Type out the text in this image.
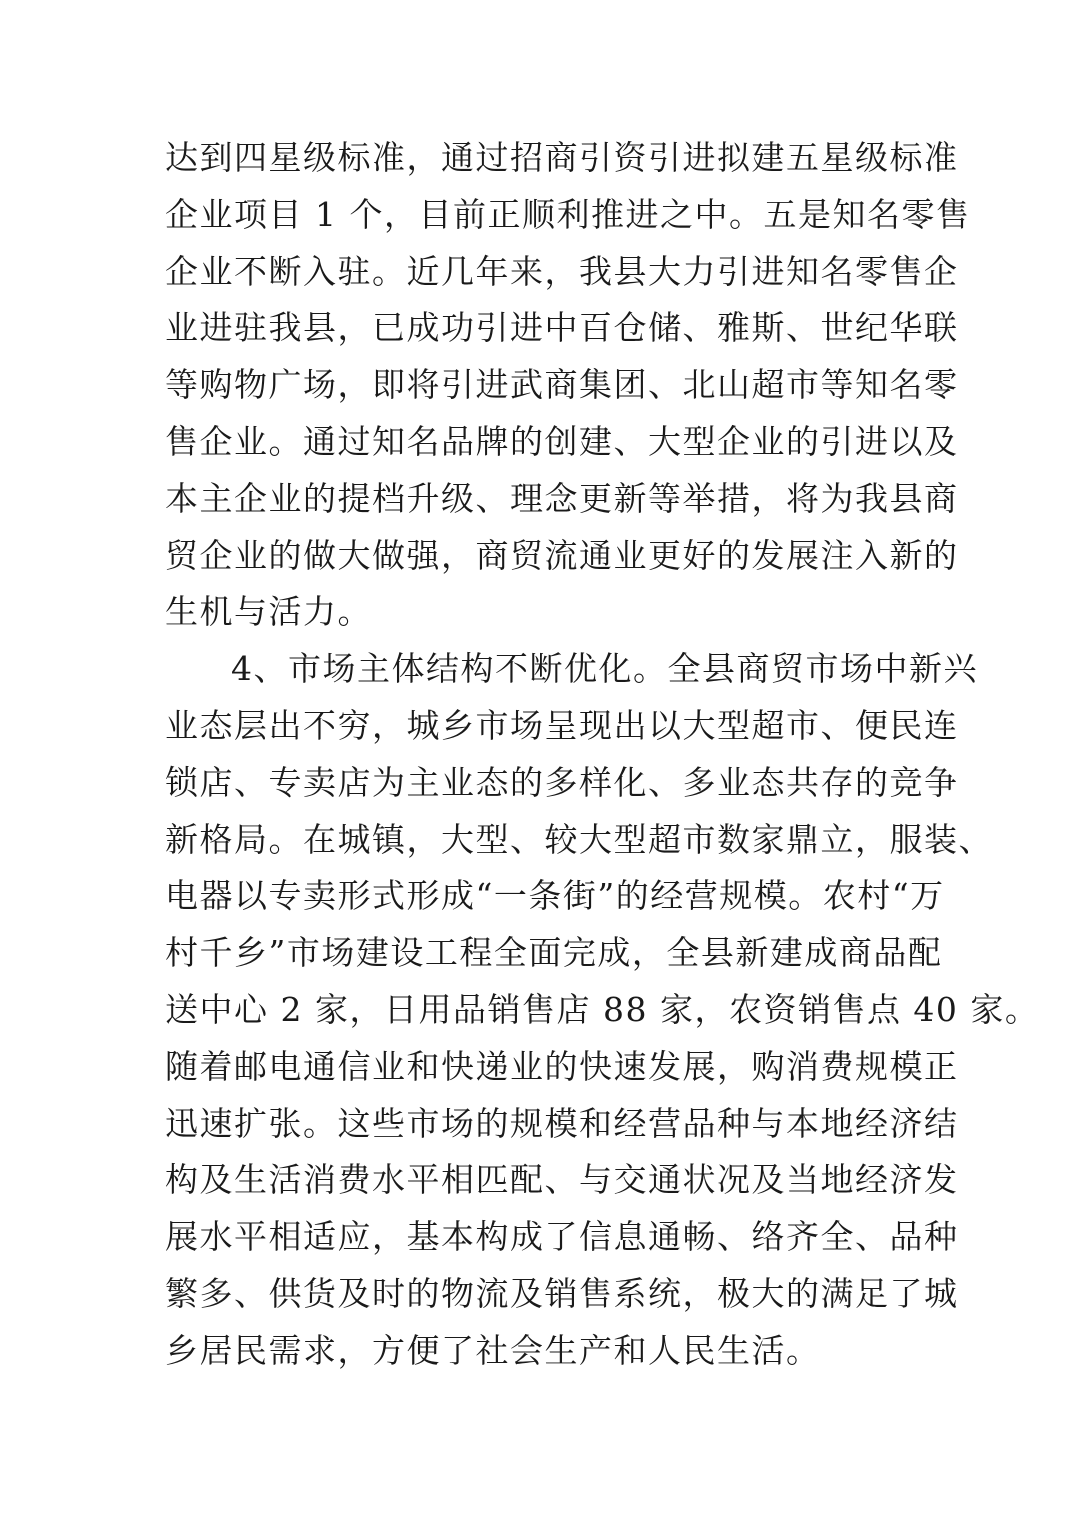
达到四星级标准，通过招商引资引进拟建五星级标准
企业项目 1 个，目前正顺利推进之中。五是知名零售
企业不断入驻。近几年来，我县大力引进知名零售企
业进驻我县，已成功引进中百仓储、雅斯、世纪华联
等购物广场，即将引进武商集团、北山超市等知名零
售企业。通过知名品牌的创建、大型企业的引进以及
本主企业的提档升级、理念更新等举措，将为我县商
贸企业的做大做强，商贸流通业更好的发展注入新的
生机与活力。
4、市场主体结构不断优化。全县商贸市场中新兴
业态层出不穷，城乡市场呈现出以大型超市、便民连
锁店、专卖店为主业态的多样化、多业态共存的竞争
新格局。在城镇，大型、较大型超市数家鼎立，服装、
电器以专卖形式形成“一条街”的经营规模。农村“万
村千乡”市场建设工程全面完成，全县新建成商品配
送中心 2 家，日用品销售店 88 家，农资销售点 40 家。
随着邮电通信业和快递业的快速发展，购消费规模正
迅速扩张。这些市场的规模和经营品种与本地经济结
构及生活消费水平相匹配、与交通状况及当地经济发
展水平相适应，基本构成了信息通畅、络齐全、品种
繁多、供货及时的物流及销售系统，极大的满足了城
乡居民需求，方便了社会生产和人民生活。
